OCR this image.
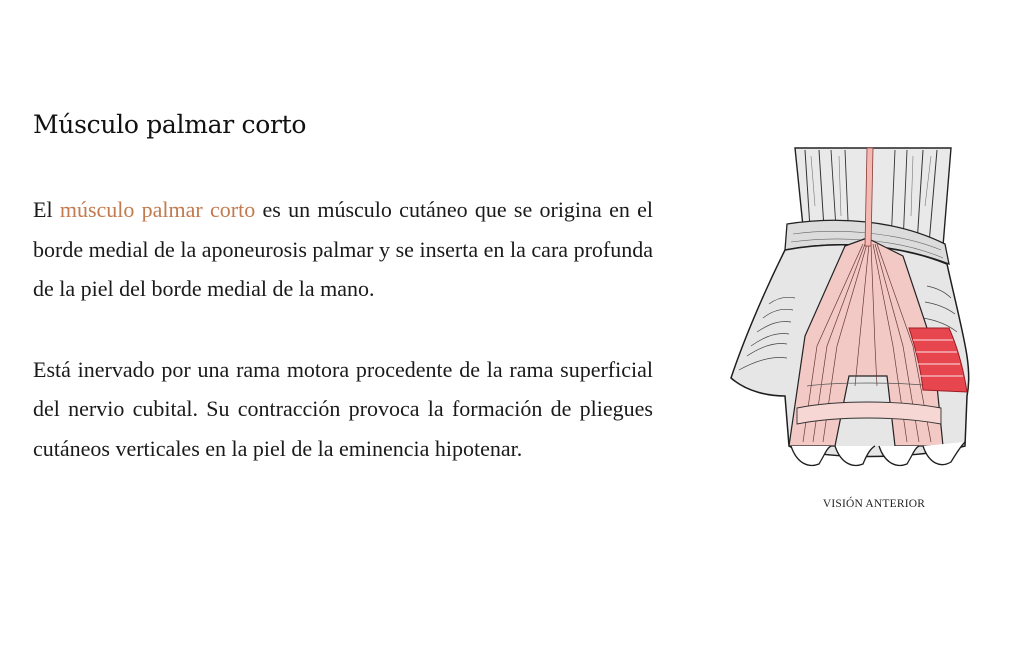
Músculo palmar corto

El músculo palmar corto es un músculo cutáneo que se origina en el borde medial de la aponeurosis palmar y se inserta en la cara profunda de la piel del borde medial de la mano.

Está inervado por una rama motora procedente de la rama superficial del nervio cubital. Su contracción provoca la formación de pliegues cutáneos verticales en la piel de la eminencia hipotenar.

VISIÓN ANTERIOR
